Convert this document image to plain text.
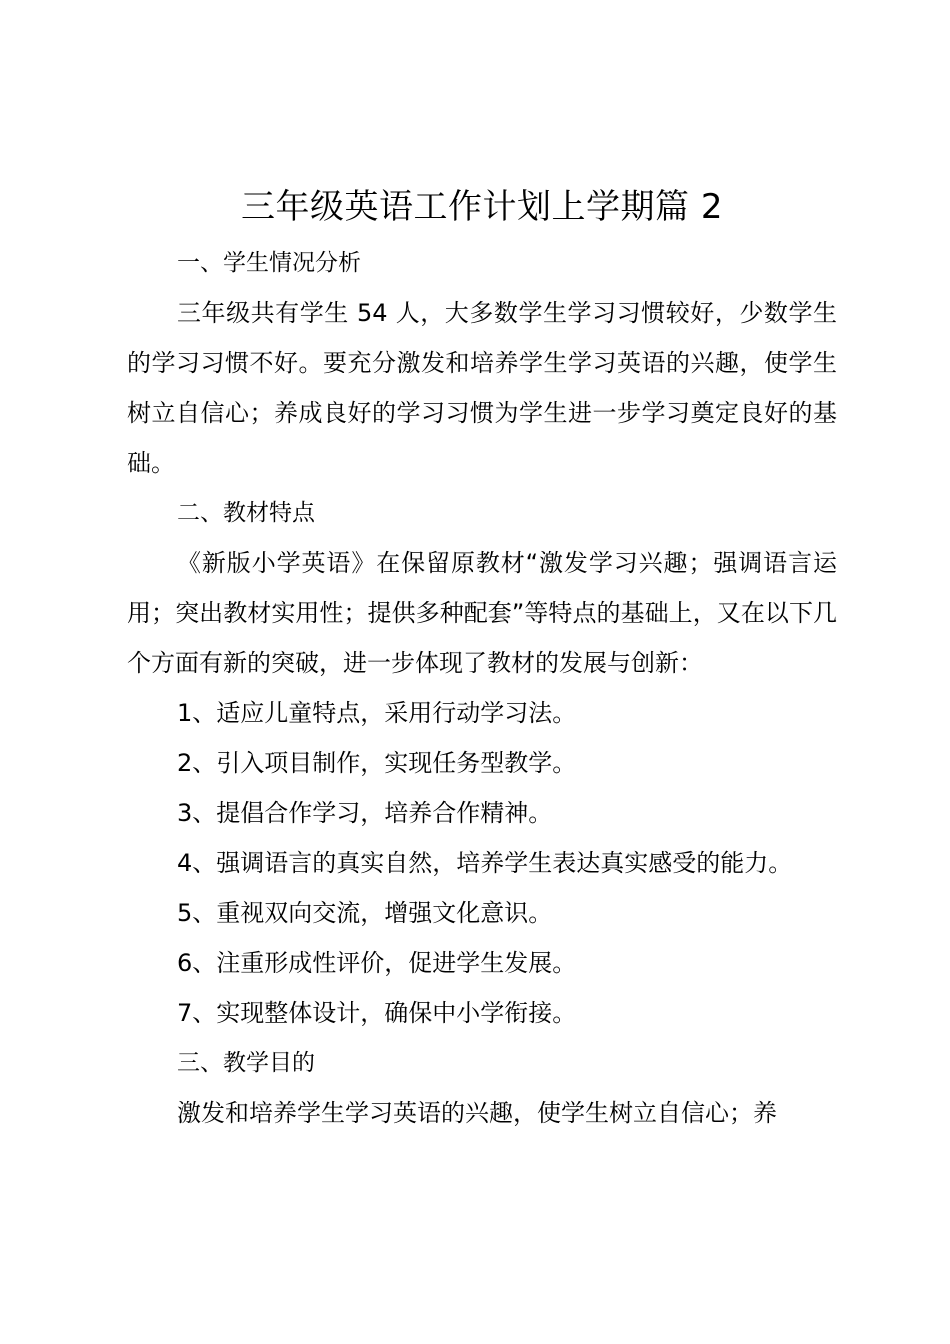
三年级英语工作计划上学期篇 2

一、学生情况分析

三年级共有学生 54 人，大多数学生学习习惯较好，少数学生的学习习惯不好。要充分激发和培养学生学习英语的兴趣，使学生树立自信心；养成良好的学习习惯为学生进一步学习奠定良好的基础。

二、教材特点

《新版小学英语》在保留原教材“激发学习兴趣；强调语言运用；突出教材实用性；提供多种配套”等特点的基础上，又在以下几个方面有新的突破，进一步体现了教材的发展与创新：

1、适应儿童特点，采用行动学习法。

2、引入项目制作，实现任务型教学。

3、提倡合作学习，培养合作精神。

4、强调语言的真实自然，培养学生表达真实感受的能力。

5、重视双向交流，增强文化意识。

6、注重形成性评价，促进学生发展。

7、实现整体设计，确保中小学衔接。

三、教学目的

激发和培养学生学习英语的兴趣，使学生树立自信心；养
